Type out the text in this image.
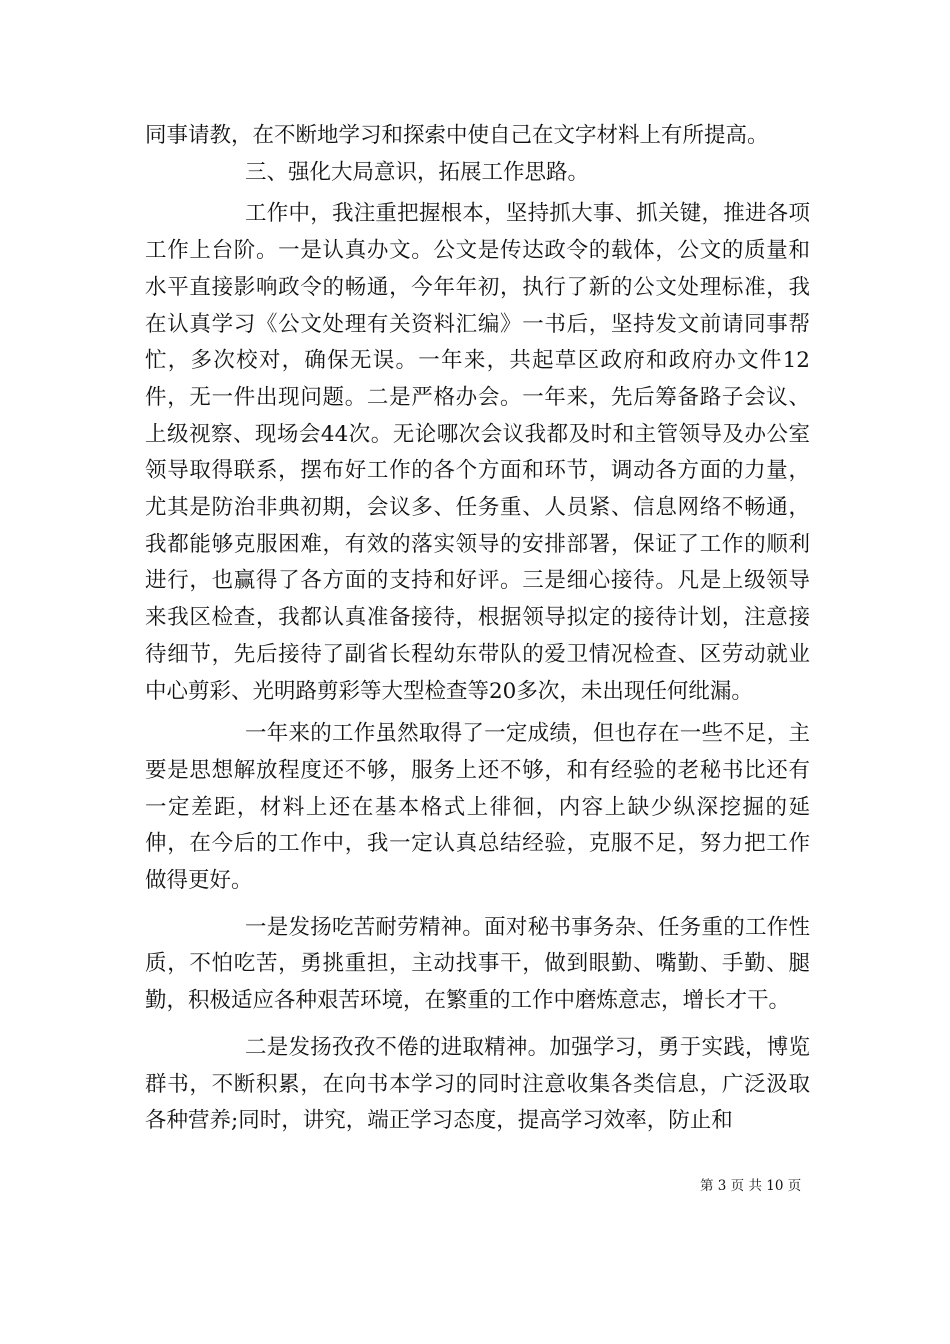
同事请教，在不断地学习和探索中使自己在文字材料上有所提高。

三、强化大局意识，拓展工作思路。

工作中，我注重把握根本，坚持抓大事、抓关键，推进各项工作上台阶。一是认真办文。公文是传达政令的载体，公文的质量和水平直接影响政令的畅通，今年年初，执行了新的公文处理标准，我在认真学习《公文处理有关资料汇编》一书后，坚持发文前请同事帮忙，多次校对，确保无误。一年来，共起草区政府和政府办文件12件，无一件出现问题。二是严格办会。一年来，先后筹备路子会议、上级视察、现场会44次。无论哪次会议我都及时和主管领导及办公室领导取得联系，摆布好工作的各个方面和环节，调动各方面的力量，尤其是防治非典初期，会议多、任务重、人员紧、信息网络不畅通，我都能够克服困难，有效的落实领导的安排部署，保证了工作的顺利进行，也赢得了各方面的支持和好评。三是细心接待。凡是上级领导来我区检查，我都认真准备接待，根据领导拟定的接待计划，注意接待细节，先后接待了副省长程幼东带队的爱卫情况检查、区劳动就业中心剪彩、光明路剪彩等大型检查等20多次，未出现任何纰漏。

一年来的工作虽然取得了一定成绩，但也存在一些不足，主要是思想解放程度还不够，服务上还不够，和有经验的老秘书比还有一定差距，材料上还在基本格式上徘徊，内容上缺少纵深挖掘的延伸，在今后的工作中，我一定认真总结经验，克服不足，努力把工作做得更好。

一是发扬吃苦耐劳精神。面对秘书事务杂、任务重的工作性质，不怕吃苦，勇挑重担，主动找事干，做到眼勤、嘴勤、手勤、腿勤，积极适应各种艰苦环境，在繁重的工作中磨炼意志，增长才干。

二是发扬孜孜不倦的进取精神。加强学习，勇于实践，博览群书，不断积累，在向书本学习的同时注意收集各类信息，广泛汲取各种营养;同时，讲究，端正学习态度，提高学习效率，防止和

第 3 页 共 10 页
